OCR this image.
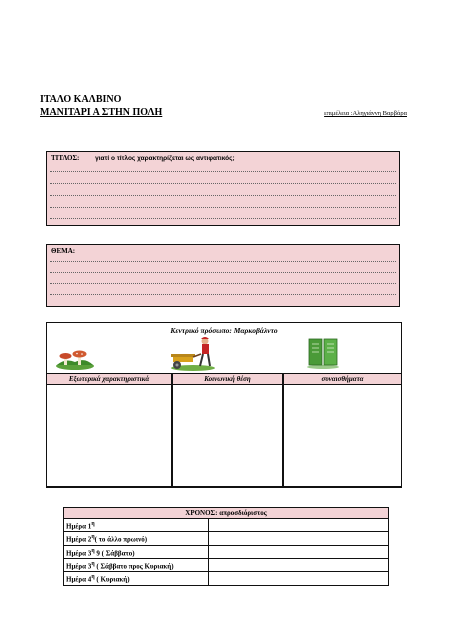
ΙΤΑΛΟ ΚΑΛΒΙΝΟ
ΜΑΝΙΤΑΡΙ Α ΣΤΗΝ ΠΟΛΗ	επιμέλεια :Αληγιάννη Βαρβάρα
ΤΙΤΛΟΣ: γιατί ο τίτλος χαρακτηρίζεται ως αντιφατικός;
ΘΕΜΑ:
Κεντρικό πρόσωπο: Μαρκοβάλντο
Εξωτερικά χαρακτηριστικά	Κοινωνική θέση	συναισθήματα
ΧΡΟΝΟΣ: απροσδιόριστος	
Ημέρα $1^\eta$	
Ημέρα $2^\eta$( το άλλο πρωινό)	
Ημέρα $3^\eta$ 9 ( Σάββατο)	
Ημέρα $3^\eta$ ( Σάββατο προς Κυριακή)	
Ημέρα $4^\eta$ ( Κυριακή)	
